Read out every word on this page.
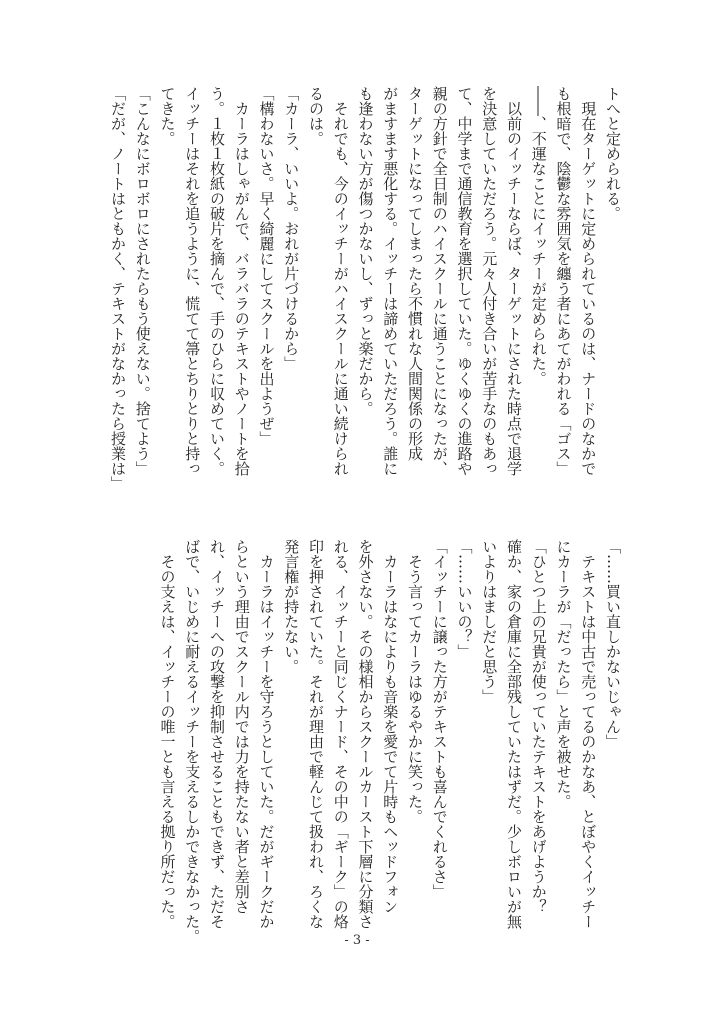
トへと定められる。
　現在ターゲットに定められているのは、ナードのなかで
も根暗で、陰鬱な雰囲気を纏う者にあてがわれる「ゴス」
――、不運なことにイッチーが定められた。
　以前のイッチーならば、ターゲットにされた時点で退学
を決意していただろう。元々人付き合いが苦手なのもあっ
て、中学まで通信教育を選択していた。ゆくゆくの進路や
親の方針で全日制のハイスクールに通うことになったが、
ターゲットになってしまったら不慣れな人間関係の形成
がますます悪化する。イッチーは諦めていただろう。誰に
も逢わない方が傷つかないし、ずっと楽だから。
　それでも、今のイッチーがハイスクールに通い続けられ
るのは。
「カーラ、いいよ。おれが片づけるから」
「構わないさ。早く綺麗にしてスクールを出ようぜ」
　カーラはしゃがんで、バラバラのテキストやノートを拾
う。１枚１枚紙の破片を摘んで、手のひらに収めていく。
イッチーはそれを追うように、慌てて箒とちりとりと持っ
てきた。
「こんなにボロボロにされたらもう使えない。捨てよう」
「だが、ノートはともかく、テキストがなかったら授業は」
「……買い直しかないじゃん」
　テキストは中古で売ってるのかなあ、とぼやくイッチー
にカーラが「だったら」と声を被せた。
「ひとつ上の兄貴が使っていたテキストをあげようか？
確か、家の倉庫に全部残していたはずだ。少しボロいが無
いよりはましだと思う」
「……いいの？」
「イッチーに譲った方がテキストも喜んでくれるさ」
　そう言ってカーラはゆるやかに笑った。
　カーラはなによりも音楽を愛でて片時もヘッドフォン
を外さない。その様相からスクールカースト下層に分類さ
れる、イッチーと同じくナード、その中の「ギーク」の烙
印を押されていた。それが理由で軽んじて扱われ、ろくな
発言権が持たない。
　カーラはイッチーを守ろうとしていた。だがギークだか
らという理由でスクール内では力を持たない者と差別さ
れ、イッチーへの攻撃を抑制させることもできず、ただそ
ばで、いじめに耐えるイッチーを支えるしかできなかった。
　その支えは、イッチーの唯一とも言える拠り所だった。
- 3 -
